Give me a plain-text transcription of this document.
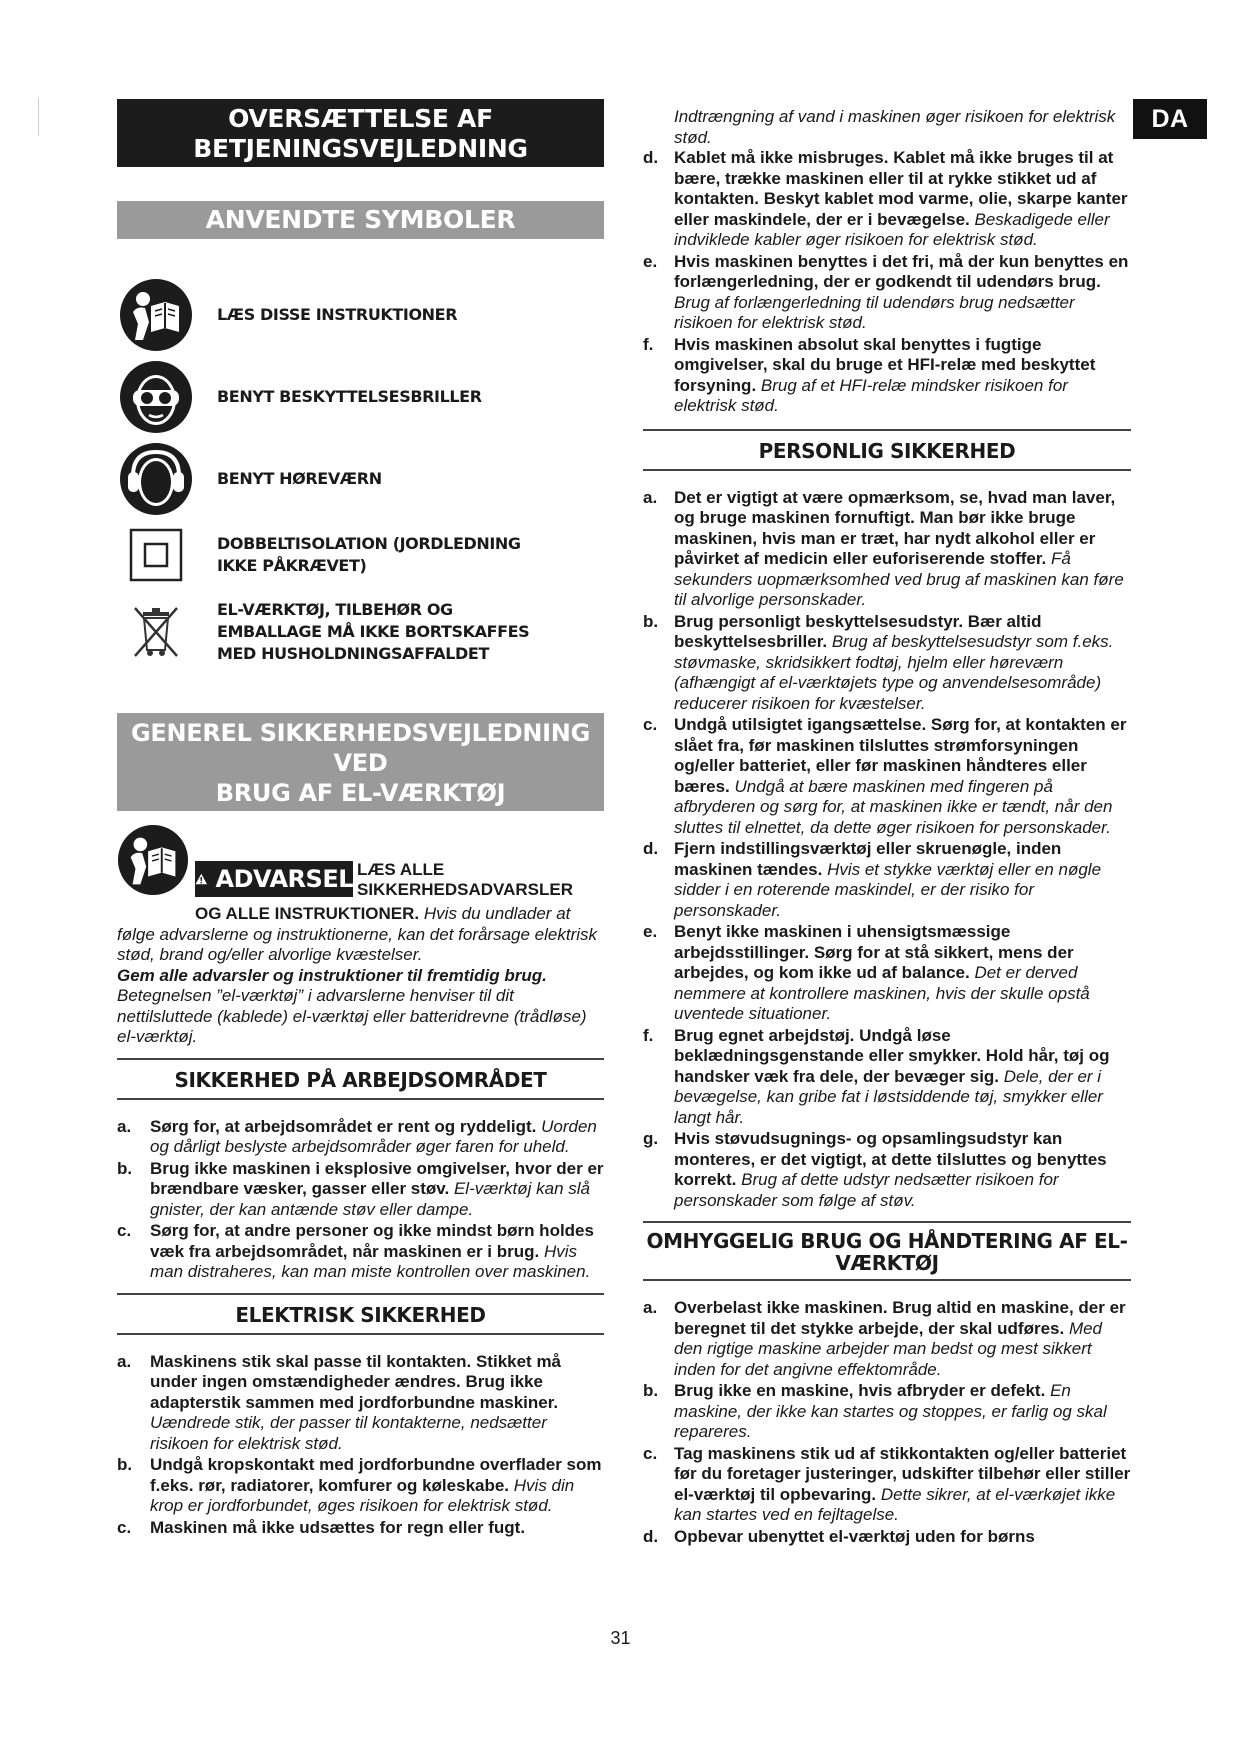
DA
OVERSÆTTELSE AF
BETJENINGSVEJLEDNING
ANVENDTE SYMBOLER
LÆS DISSE INSTRUKTIONER
BENYT BESKYTTELSESBRILLER
BENYT HØREVÆRN
DOBBELTISOLATION (JORDLEDNING IKKE PÅKRÆVET)
EL-VÆRKTØJ, TILBEHØR OG EMBALLAGE MÅ IKKE BORTSKAFFES MED HUSHOLDNINGSAFFALDET
GENEREL SIKKERHEDSVEJLEDNING VED
BRUG AF EL-VÆRKTØJ
ADVARSEL LÆS ALLE
SIKKERHEDSADVARSLER
OG ALLE INSTRUKTIONER. Hvis du undlader at

følge advarslerne og instruktionerne, kan det forårsage elektrisk stød, brand og/eller alvorlige kvæstelser.

Gem alle advarsler og instruktioner til fremtidig brug.

Betegnelsen ”el-værktøj” i advarslerne henviser til dit nettilsluttede (kablede) el-værktøj eller batteridrevne (trådløse) el-værktøj.

SIKKERHED PÅ ARBEJDSOMRÅDET
a. Sørg for, at arbejdsområdet er rent og ryddeligt. Uorden og dårligt beslyste arbejdsområder øger faren for uheld.
b. Brug ikke maskinen i eksplosive omgivelser, hvor der er brændbare væsker, gasser eller støv. El-værktøj kan slå gnister, der kan antænde støv eller dampe.
c. Sørg for, at andre personer og ikke mindst børn holdes væk fra arbejdsområdet, når maskinen er i brug. Hvis man distraheres, kan man miste kontrollen over maskinen.
ELEKTRISK SIKKERHED
a. Maskinens stik skal passe til kontakten. Stikket må under ingen omstændigheder ændres. Brug ikke adapterstik sammen med jordforbundne maskiner. Uændrede stik, der passer til kontakterne, nedsætter risikoen for elektrisk stød.
b. Undgå kropskontakt med jordforbundne overflader som f.eks. rør, radiatorer, komfurer og køleskabe. Hvis din krop er jordforbundet, øges risikoen for elektrisk stød.
c. Maskinen må ikke udsættes for regn eller fugt.

Indtrængning af vand i maskinen øger risikoen for elektrisk stød.

d. Kablet må ikke misbruges. Kablet må ikke bruges til at bære, trække maskinen eller til at rykke stikket ud af kontakten. Beskyt kablet mod varme, olie, skarpe kanter eller maskindele, der er i bevægelse. Beskadigede eller indviklede kabler øger risikoen for elektrisk stød.
e. Hvis maskinen benyttes i det fri, må der kun benyttes en forlængerledning, der er godkendt til udendørs brug. Brug af forlængerledning til udendørs brug nedsætter risikoen for elektrisk stød.
f. Hvis maskinen absolut skal benyttes i fugtige omgivelser, skal du bruge et HFI-relæ med beskyttet forsyning. Brug af et HFI-relæ mindsker risikoen for elektrisk stød.
PERSONLIG SIKKERHED
a. Det er vigtigt at være opmærksom, se, hvad man laver, og bruge maskinen fornuftigt. Man bør ikke bruge maskinen, hvis man er træt, har nydt alkohol eller er påvirket af medicin eller euforiserende stoffer. Få sekunders uopmærksomhed ved brug af maskinen kan føre til alvorlige personskader.
b. Brug personligt beskyttelsesudstyr. Bær altid beskyttelsesbriller. Brug af beskyttelsesudstyr som f.eks. støvmaske, skridsikkert fodtøj, hjelm eller høreværn (afhængigt af el-værktøjets type og anvendelsesområde) reducerer risikoen for kvæstelser.
c. Undgå utilsigtet igangsættelse. Sørg for, at kontakten er slået fra, før maskinen tilsluttes strømforsyningen og/eller batteriet, eller før maskinen håndteres eller bæres. Undgå at bære maskinen med fingeren på afbryderen og sørg for, at maskinen ikke er tændt, når den sluttes til elnettet, da dette øger risikoen for personskader.
d. Fjern indstillingsværktøj eller skruenøgle, inden maskinen tændes. Hvis et stykke værktøj eller en nøgle sidder i en roterende maskindel, er der risiko for personskader.
e. Benyt ikke maskinen i uhensigtsmæssige arbejdsstillinger. Sørg for at stå sikkert, mens der arbejdes, og kom ikke ud af balance. Det er derved nemmere at kontrollere maskinen, hvis der skulle opstå uventede situationer.
f. Brug egnet arbejdstøj. Undgå løse beklædningsgenstande eller smykker. Hold hår, tøj og handsker væk fra dele, der bevæger sig. Dele, der er i bevægelse, kan gribe fat i løstsiddende tøj, smykker eller langt hår.
g. Hvis støvudsugnings- og opsamlingsudstyr kan monteres, er det vigtigt, at dette tilsluttes og benyttes korrekt. Brug af dette udstyr nedsætter risikoen for personskader som følge af støv.
OMHYGGELIG BRUG OG HÅNDTERING AF EL-
VÆRKTØJ
a. Overbelast ikke maskinen. Brug altid en maskine, der er beregnet til det stykke arbejde, der skal udføres. Med den rigtige maskine arbejder man bedst og mest sikkert inden for det angivne effektområde.
b. Brug ikke en maskine, hvis afbryder er defekt. En maskine, der ikke kan startes og stoppes, er farlig og skal repareres.
c. Tag maskinens stik ud af stikkontakten og/eller batteriet før du foretager justeringer, udskifter tilbehør eller stiller el-værktøj til opbevaring. Dette sikrer, at el-værkøjet ikke kan startes ved en fejltagelse.
d. Opbevar ubenyttet el-værktøj uden for børns
31
